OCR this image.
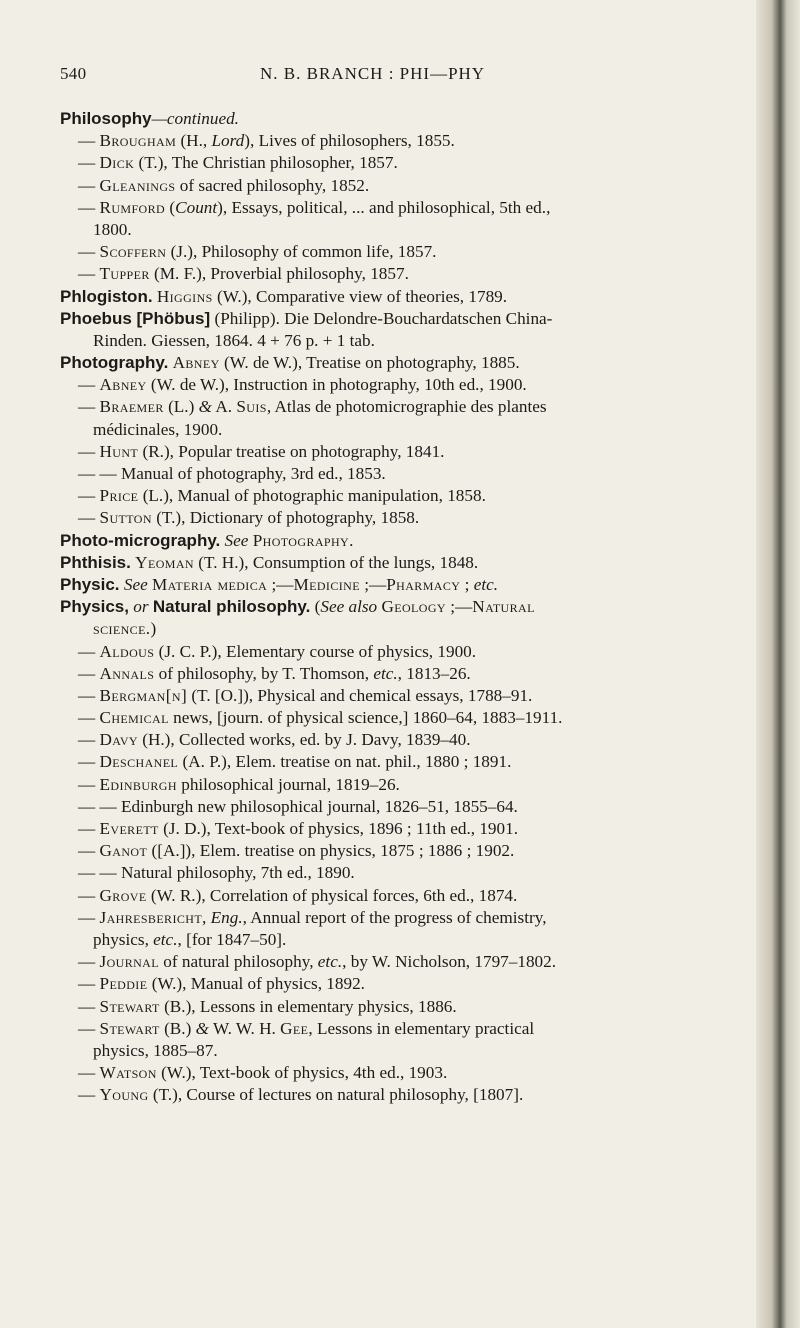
540	N. B. BRANCH : PHI—PHY
Philosophy—continued.
— Brougham (H., Lord), Lives of philosophers, 1855.
— Dick (T.), The Christian philosopher, 1857.
— Gleanings of sacred philosophy, 1852.
— Rumford (Count), Essays, political, ... and philosophical, 5th ed.,
1800.
— Scoffern (J.), Philosophy of common life, 1857.
— Tupper (M. F.), Proverbial philosophy, 1857.
Phlogiston. Higgins (W.), Comparative view of theories, 1789.
Phoebus [Phöbus] (Philipp). Die Delondre-Bouchardatschen China-
Rinden. Giessen, 1864. 4 + 76 p. + 1 tab.
Photography. Abney (W. de W.), Treatise on photography, 1885.
— Abney (W. de W.), Instruction in photography, 10th ed., 1900.
— Braemer (L.) & A. Suis, Atlas de photomicrographie des plantes
médicinales, 1900.
— Hunt (R.), Popular treatise on photography, 1841.
— — Manual of photography, 3rd ed., 1853.
— Price (L.), Manual of photographic manipulation, 1858.
— Sutton (T.), Dictionary of photography, 1858.
Photo-micrography. See Photography.
Phthisis. Yeoman (T. H.), Consumption of the lungs, 1848.
Physic. See Materia medica ;—Medicine ;—Pharmacy ; etc.
Physics, or Natural philosophy. (See also Geology ;—Natural
science.)
— Aldous (J. C. P.), Elementary course of physics, 1900.
— Annals of philosophy, by T. Thomson, etc., 1813–26.
— Bergman[n] (T. [O.]), Physical and chemical essays, 1788–91.
— Chemical news, [journ. of physical science,] 1860–64, 1883–1911.
— Davy (H.), Collected works, ed. by J. Davy, 1839–40.
— Deschanel (A. P.), Elem. treatise on nat. phil., 1880 ; 1891.
— Edinburgh philosophical journal, 1819–26.
— — Edinburgh new philosophical journal, 1826–51, 1855–64.
— Everett (J. D.), Text-book of physics, 1896 ; 11th ed., 1901.
— Ganot ([A.]), Elem. treatise on physics, 1875 ; 1886 ; 1902.
— — Natural philosophy, 7th ed., 1890.
— Grove (W. R.), Correlation of physical forces, 6th ed., 1874.
— Jahresbericht, Eng., Annual report of the progress of chemistry,
physics, etc., [for 1847–50].
— Journal of natural philosophy, etc., by W. Nicholson, 1797–1802.
— Peddie (W.), Manual of physics, 1892.
— Stewart (B.), Lessons in elementary physics, 1886.
— Stewart (B.) & W. W. H. Gee, Lessons in elementary practical
physics, 1885–87.
— Watson (W.), Text-book of physics, 4th ed., 1903.
— Young (T.), Course of lectures on natural philosophy, [1807].
